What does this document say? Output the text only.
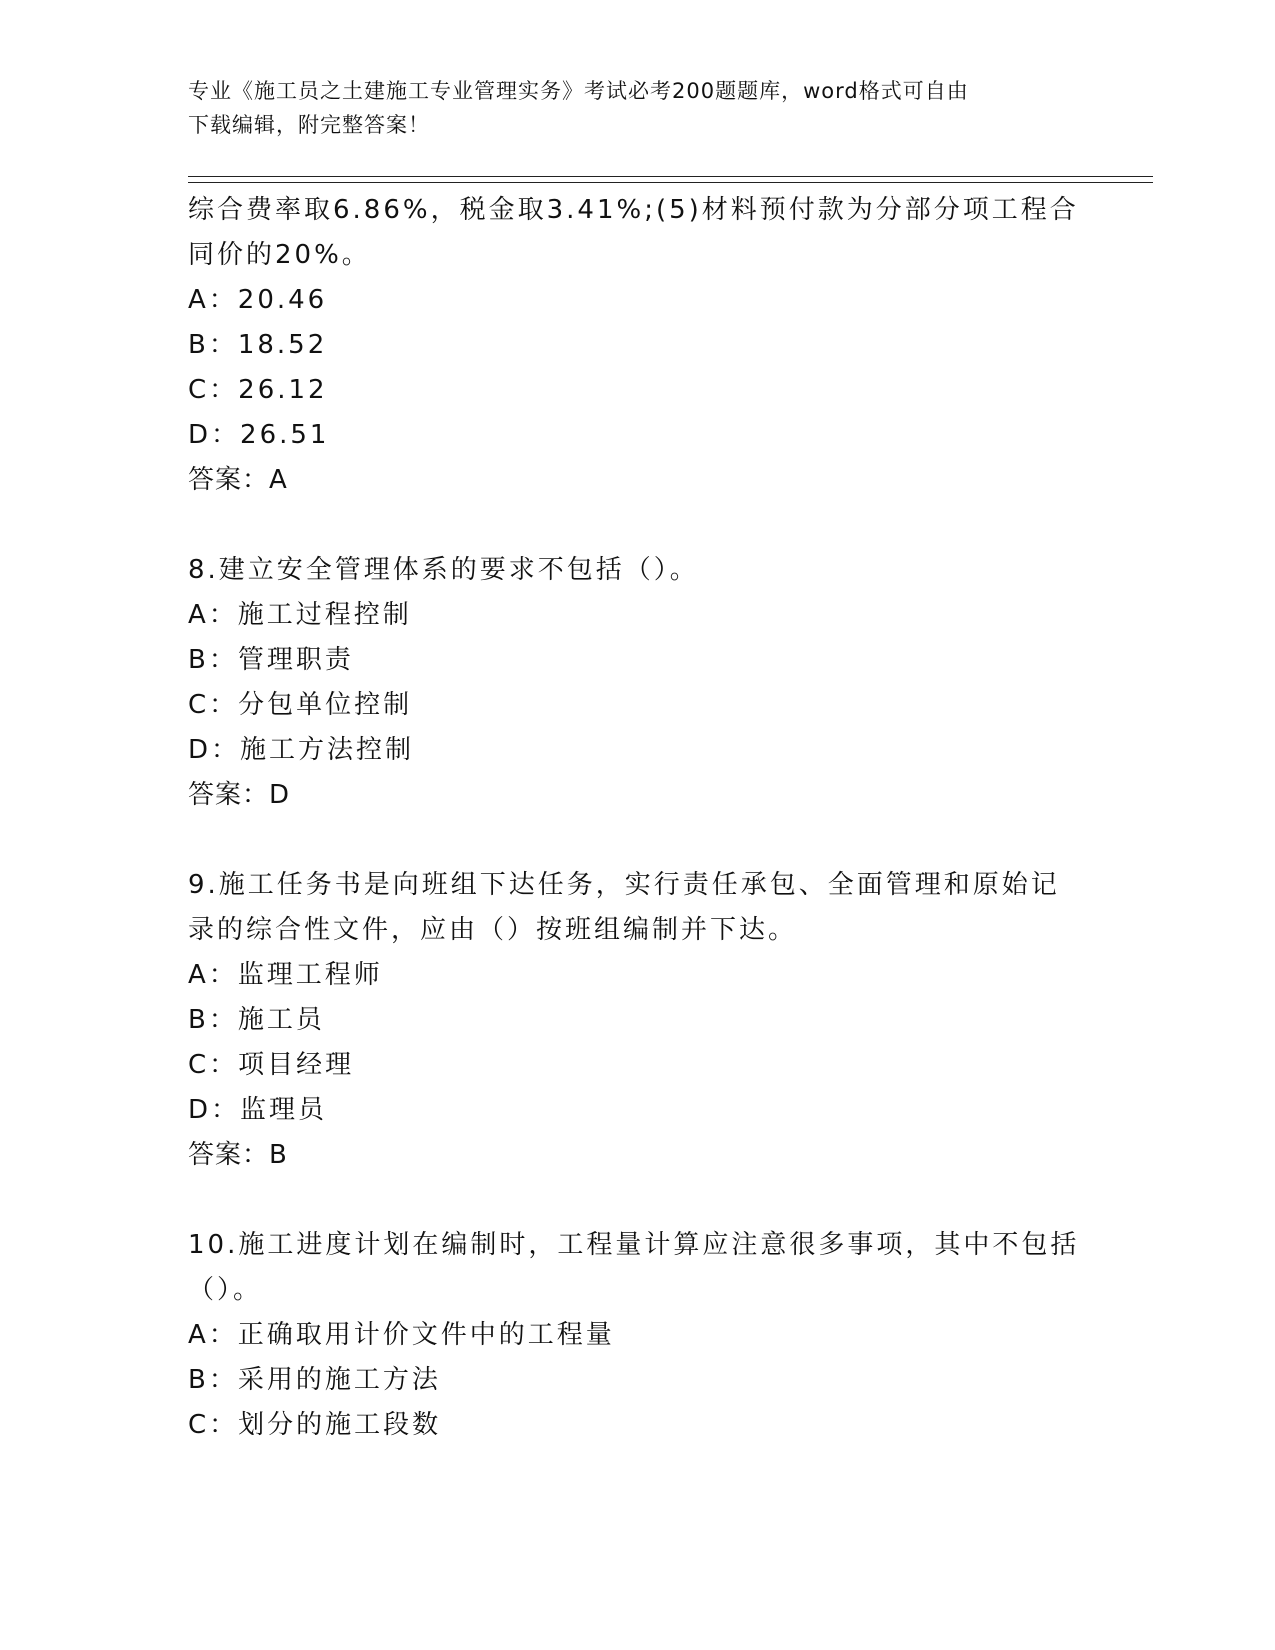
专业《施工员之土建施工专业管理实务》考试必考200题题库，word格式可自由
下载编辑，附完整答案！
综合费率取6.86%，税金取3.41%;(5)材料预付款为分部分项工程合
同价的20%。
A：20.46
B：18.52
C：26.12
D：26.51
答案：A
8.建立安全管理体系的要求不包括（）。
A：施工过程控制
B：管理职责
C：分包单位控制
D：施工方法控制
答案：D
9.施工任务书是向班组下达任务，实行责任承包、全面管理和原始记
录的综合性文件，应由（）按班组编制并下达。
A：监理工程师
B：施工员
C：项目经理
D：监理员
答案：B
10.施工进度计划在编制时，工程量计算应注意很多事项，其中不包括
（）。
A：正确取用计价文件中的工程量
B：采用的施工方法
C：划分的施工段数
